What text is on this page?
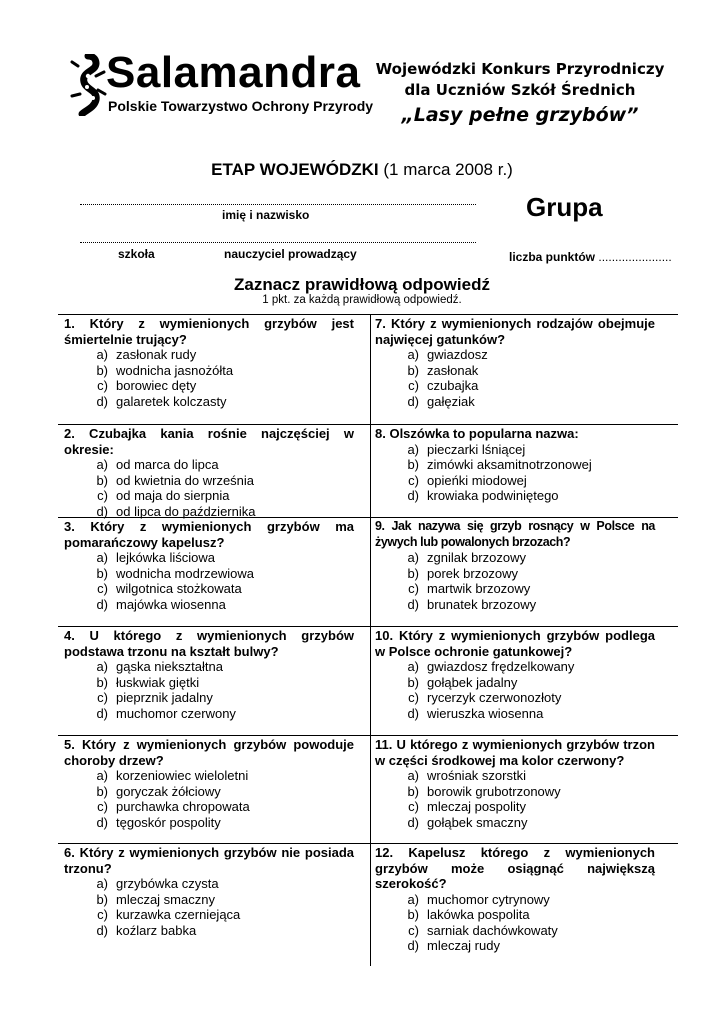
Salamandra
Polskie Towarzystwo Ochrony Przyrody
Wojewódzki Konkurs Przyrodniczy
dla Uczniów Szkół Średnich
„Lasy pełne grzybów”
ETAP WOJEWÓDZKI (1 marca 2008 r.)
imię i nazwisko
szkoła	nauczyciel prowadzący
Grupa
liczba punktów ......................
Zaznacz prawidłową odpowiedź
1 pkt. za każdą prawidłową odpowiedź.
1. Który z wymienionych grzybów jest śmiertelnie trujący?
a) zasłonak rudy
b) wodnicha jasnożółta
c) borowiec dęty
d) galaretek kolczasty
7. Który z wymienionych rodzajów obejmuje najwięcej gatunków?
a) gwiazdosz
b) zasłonak
c) czubajka
d) gałęziak
2. Czubajka kania rośnie najczęściej w okresie:
a) od marca do lipca
b) od kwietnia do września
c) od maja do sierpnia
d) od lipca do października
8. Olszówka to popularna nazwa:
a) pieczarki lśniącej
b) zimówki aksamitnotrzonowej
c) opieńki miodowej
d) krowiaka podwiniętego
3. Który z wymienionych grzybów ma pomarańczowy kapelusz?
a) lejkówka liściowa
b) wodnicha modrzewiowa
c) wilgotnica stożkowata
d) majówka wiosenna
9. Jak nazywa się grzyb rosnący w Polsce na żywych lub powalonych brzozach?
a) zgnilak brzozowy
b) porek brzozowy
c) martwik brzozowy
d) brunatek brzozowy
4. U którego z wymienionych grzybów podstawa trzonu na kształt bulwy?
a) gąska niekształtna
b) łuskwiak giętki
c) pieprznik jadalny
d) muchomor czerwony
10. Który z wymienionych grzybów podlega w Polsce ochronie gatunkowej?
a) gwiazdosz frędzelkowany
b) gołąbek jadalny
c) rycerzyk czerwonozłoty
d) wieruszka wiosenna
5. Który z wymienionych grzybów powoduje choroby drzew?
a) korzeniowiec wieloletni
b) goryczak żółciowy
c) purchawka chropowata
d) tęgoskór pospolity
11. U którego z wymienionych grzybów trzon w części środkowej ma kolor czerwony?
a) wrośniak szorstki
b) borowik grubotrzonowy
c) mleczaj pospolity
d) gołąbek smaczny
6. Który z wymienionych grzybów nie posiada trzonu?
a) grzybówka czysta
b) mleczaj smaczny
c) kurzawka czerniejąca
d) koźlarz babka
12. Kapelusz którego z wymienionych grzybów może osiągnąć największą szerokość?
a) muchomor cytrynowy
b) lakówka pospolita
c) sarniak dachówkowaty
d) mleczaj rudy
